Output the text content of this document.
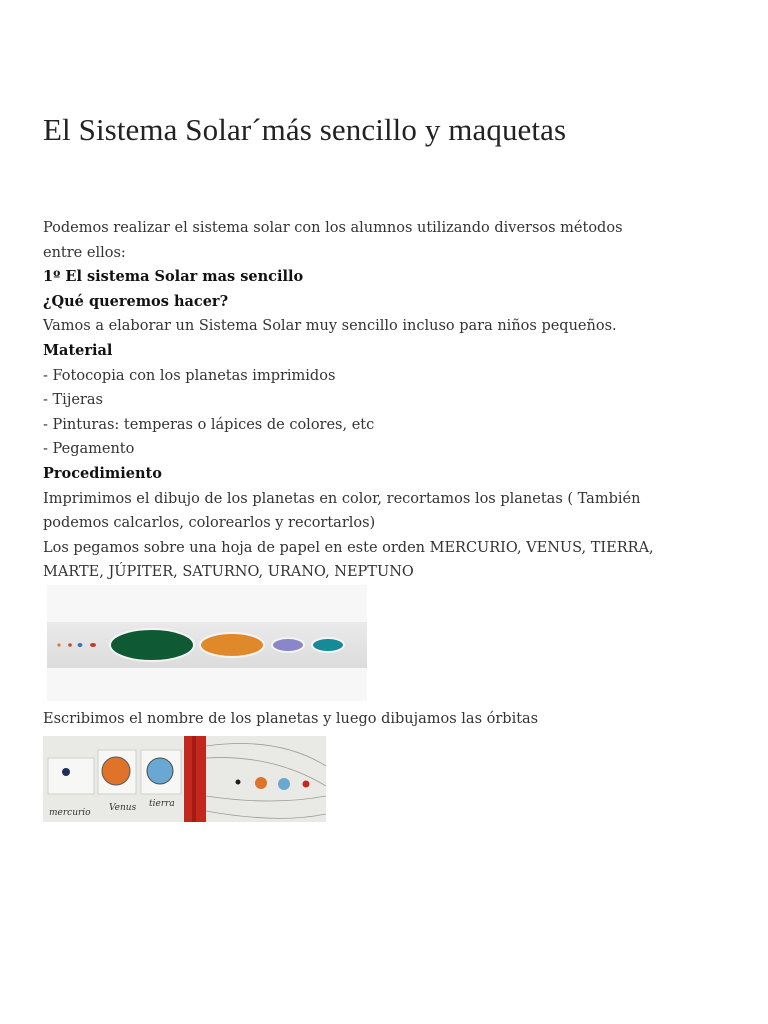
El Sistema Solar´más sencillo y maquetas

Podemos realizar el sistema solar con los alumnos utilizando diversos métodos entre ellos:

1º El sistema Solar mas sencillo

¿Qué queremos hacer?

Vamos a elaborar un Sistema Solar muy sencillo incluso para niños pequeños.

Material

- Fotocopia con los planetas imprimidos

- Tijeras

- Pinturas: temperas o lápices de colores, etc

- Pegamento

Procedimiento

Imprimimos el dibujo de los planetas en color, recortamos los planetas ( También podemos calcarlos, colorearlos y recortarlos)

Los pegamos sobre una hoja de papel en este orden MERCURIO, VENUS, TIERRA, MARTE, JÚPITER, SATURNO, URANO, NEPTUNO

Escribimos el nombre de los planetas y luego dibujamos las órbitas

mercurio Venus tierra
